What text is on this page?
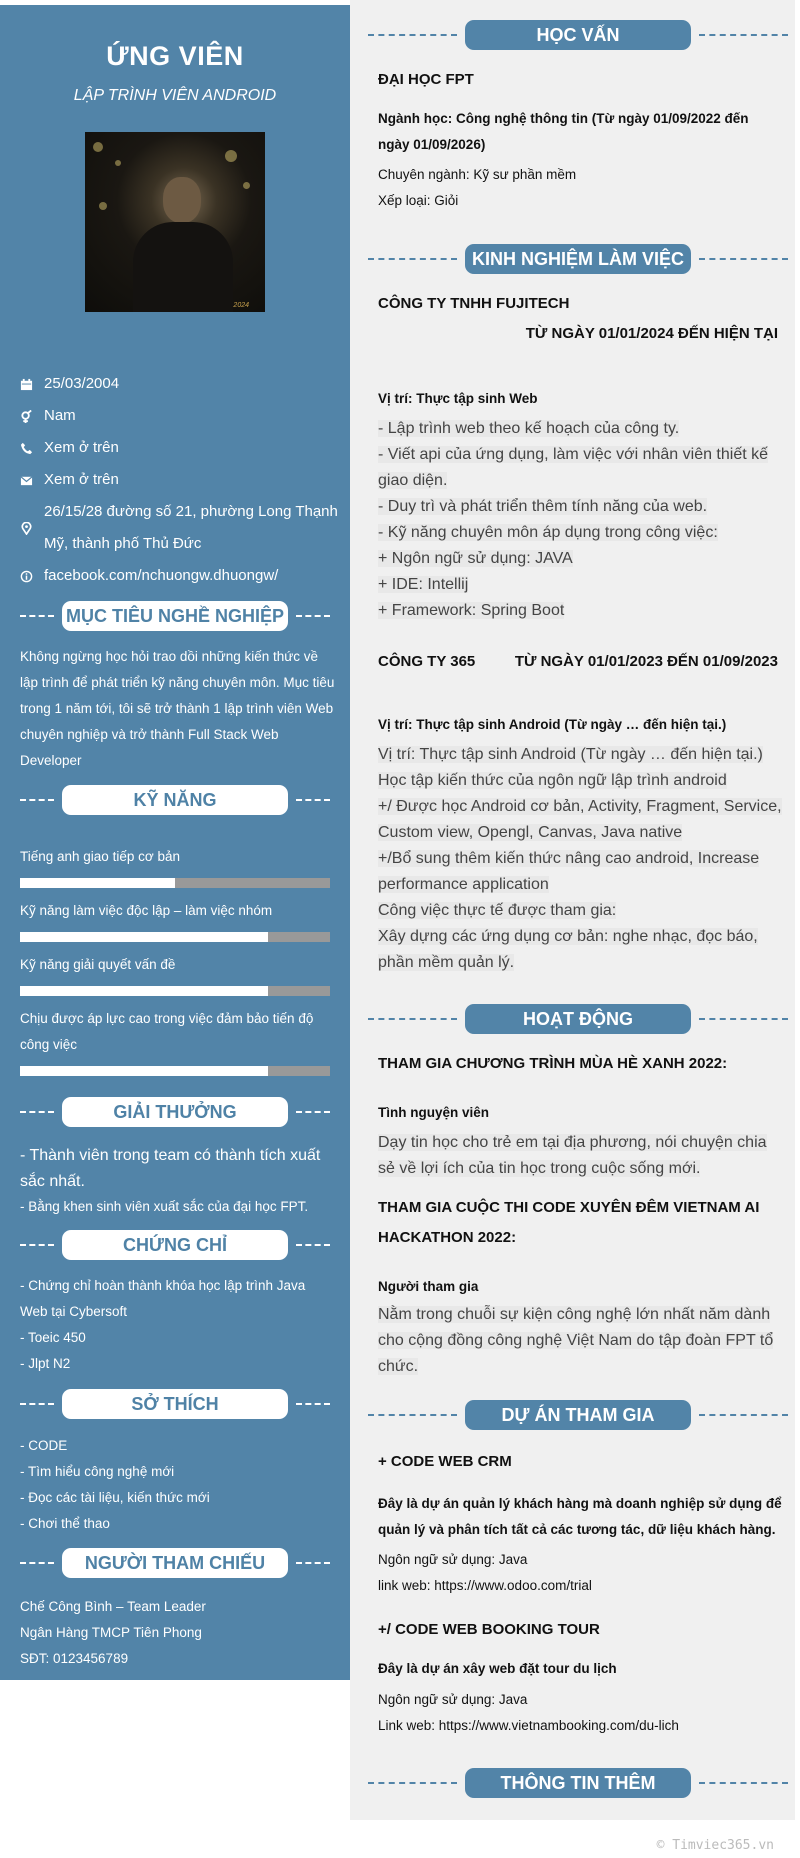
ỨNG VIÊN
LẬP TRÌNH VIÊN ANDROID
2024
25/03/2004
Nam
Xem ở trên
Xem ở trên
26/15/28 đường số 21, phường Long Thạnh Mỹ, thành phố Thủ Đức
facebook.com/nchuongw.dhuongw/
MỤC TIÊU NGHỀ NGHIỆP
Không ngừng học hỏi trao dồi những kiến thức về lập trình để phát triển kỹ năng chuyên môn. Mục tiêu trong 1 năm tới, tôi sẽ trở thành 1 lập trình viên Web chuyên nghiệp và trở thành Full Stack Web Developer
KỸ NĂNG
Tiếng anh giao tiếp cơ bản
Kỹ năng làm việc độc lập – làm việc nhóm
Kỹ năng giải quyết vấn đề
Chịu được áp lực cao trong việc đảm bảo tiến độ công việc
GIẢI THƯỞNG
- Thành viên trong team có thành tích xuất sắc nhất.
- Bằng khen sinh viên xuất sắc của đại học FPT.
CHỨNG CHỈ
- Chứng chỉ hoàn thành khóa học lập trình Java Web tại Cybersoft
- Toeic 450
- Jlpt N2
SỞ THÍCH
- CODE
- Tìm hiểu công nghệ mới
- Đọc các tài liệu, kiến thức mới
- Chơi thể thao
NGƯỜI THAM CHIẾU
Chế Công Bình – Team Leader
Ngân Hàng TMCP Tiên Phong
SĐT: 0123456789
HỌC VẤN
ĐẠI HỌC FPT
Ngành học: Công nghệ thông tin (Từ ngày 01/09/2022 đến ngày 01/09/2026)
Chuyên ngành: Kỹ sư phần mềm
Xếp loại: Giỏi
KINH NGHIỆM LÀM VIỆC
CÔNG TY TNHH FUJITECH
TỪ NGÀY 01/01/2024 ĐẾN HIỆN TẠI
Vị trí: Thực tập sinh Web
- Lập trình web theo kế hoạch của công ty.
- Viết api của ứng dụng, làm việc với nhân viên thiết kế giao diện.
- Duy trì và phát triển thêm tính năng của web.
- Kỹ năng chuyên môn áp dụng trong công việc:
+ Ngôn ngữ sử dụng: JAVA
+ IDE: Intellij
+ Framework: Spring Boot
CÔNG TY 365	TỪ NGÀY 01/01/2023 ĐẾN 01/09/2023
Vị trí: Thực tập sinh Android (Từ ngày … đến hiện tại.)
Vị trí: Thực tập sinh Android (Từ ngày … đến hiện tại.)
Học tập kiến thức của ngôn ngữ lập trình android
+/ Được học Android cơ bản, Activity, Fragment, Service, Custom view, Opengl, Canvas, Java native
+/Bổ sung thêm kiến thức nâng cao android, Increase performance application
Công việc thực tế được tham gia:
Xây dựng các ứng dụng cơ bản: nghe nhạc, đọc báo, phần mềm quản lý.
HOẠT ĐỘNG
THAM GIA CHƯƠNG TRÌNH MÙA HÈ XANH 2022:
Tình nguyện viên
Dạy tin học cho trẻ em tại địa phương, nói chuyện chia sẻ về lợi ích của tin học trong cuộc sống mới.
THAM GIA CUỘC THI CODE XUYÊN ĐÊM VIETNAM AI HACKATHON 2022:
Người tham gia
Nằm trong chuỗi sự kiện công nghệ lớn nhất năm dành cho cộng đồng công nghệ Việt Nam do tập đoàn FPT tổ chức.
DỰ ÁN THAM GIA
+ CODE WEB CRM
Đây là dự án quản lý khách hàng mà doanh nghiệp sử dụng để quản lý và phân tích tất cả các tương tác, dữ liệu khách hàng.
Ngôn ngữ sử dụng: Java
link web: https://www.odoo.com/trial
+/ CODE WEB BOOKING TOUR
Đây là dự án xây web đặt tour du lịch
Ngôn ngữ sử dụng: Java
Link web: https://www.vietnambooking.com/du-lich
THÔNG TIN THÊM
© Timviec365.vn
